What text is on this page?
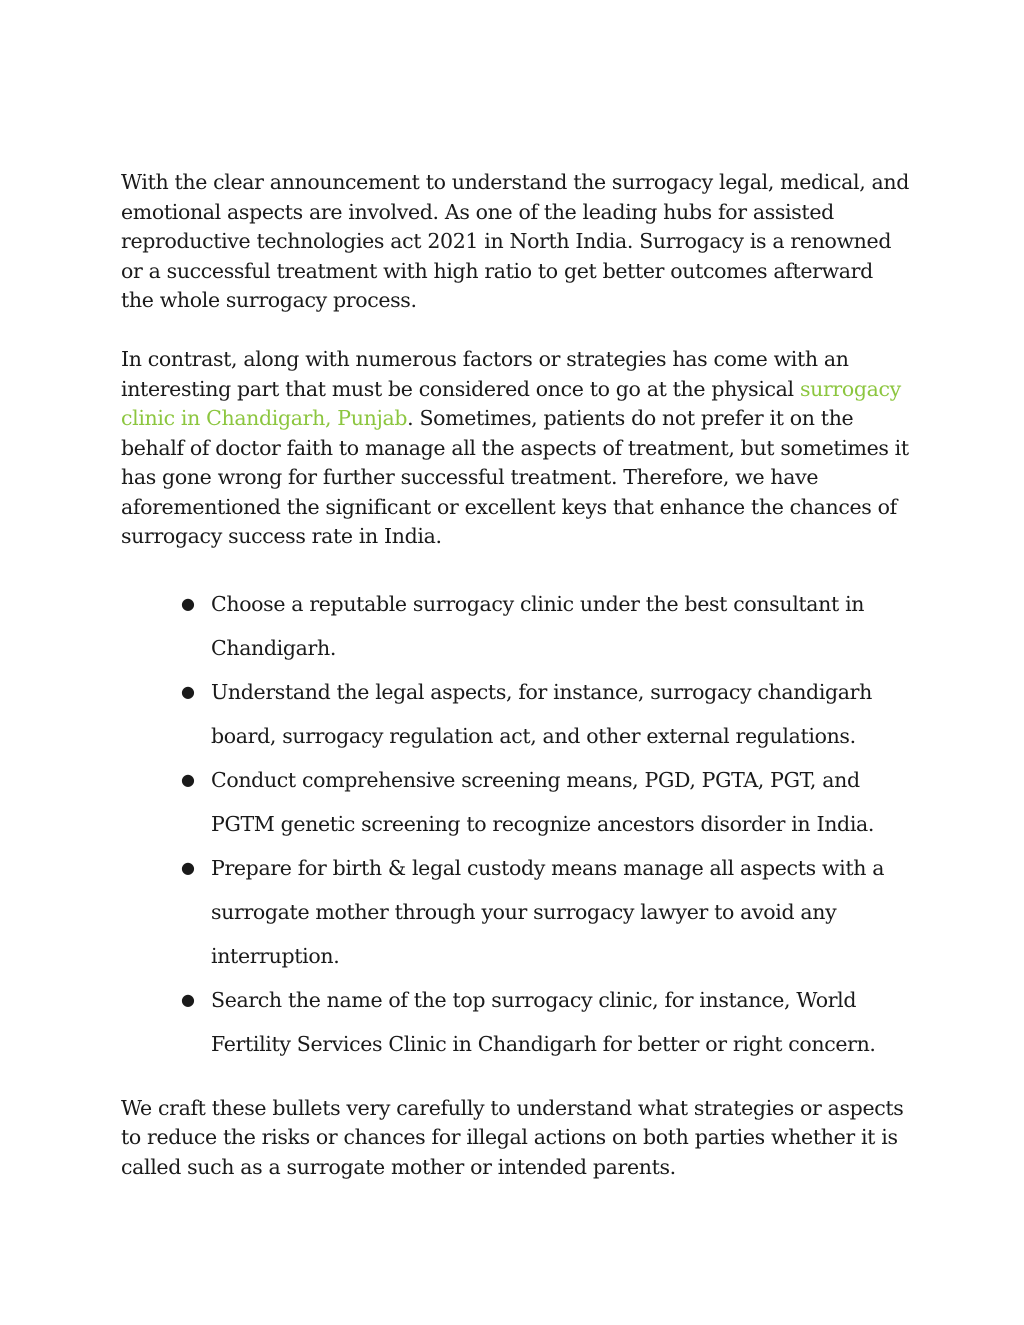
With the clear announcement to understand the surrogacy legal, medical, and emotional aspects are involved. As one of the leading hubs for assisted reproductive technologies act 2021 in North India. Surrogacy is a renowned or a successful treatment with high ratio to get better outcomes afterward the whole surrogacy process.

In contrast, along with numerous factors or strategies has come with an interesting part that must be considered once to go at the physical surrogacy clinic in Chandigarh, Punjab. Sometimes, patients do not prefer it on the behalf of doctor faith to manage all the aspects of treatment, but sometimes it has gone wrong for further successful treatment. Therefore, we have aforementioned the significant or excellent keys that enhance the chances of surrogacy success rate in India.

● Choose a reputable surrogacy clinic under the best consultant in Chandigarh.
● Understand the legal aspects, for instance, surrogacy chandigarh board, surrogacy regulation act, and other external regulations.
● Conduct comprehensive screening means, PGD, PGTA, PGT, and PGTM genetic screening to recognize ancestors disorder in India.
● Prepare for birth & legal custody means manage all aspects with a surrogate mother through your surrogacy lawyer to avoid any interruption.
● Search the name of the top surrogacy clinic, for instance, World Fertility Services Clinic in Chandigarh for better or right concern.

We craft these bullets very carefully to understand what strategies or aspects to reduce the risks or chances for illegal actions on both parties whether it is called such as a surrogate mother or intended parents.
